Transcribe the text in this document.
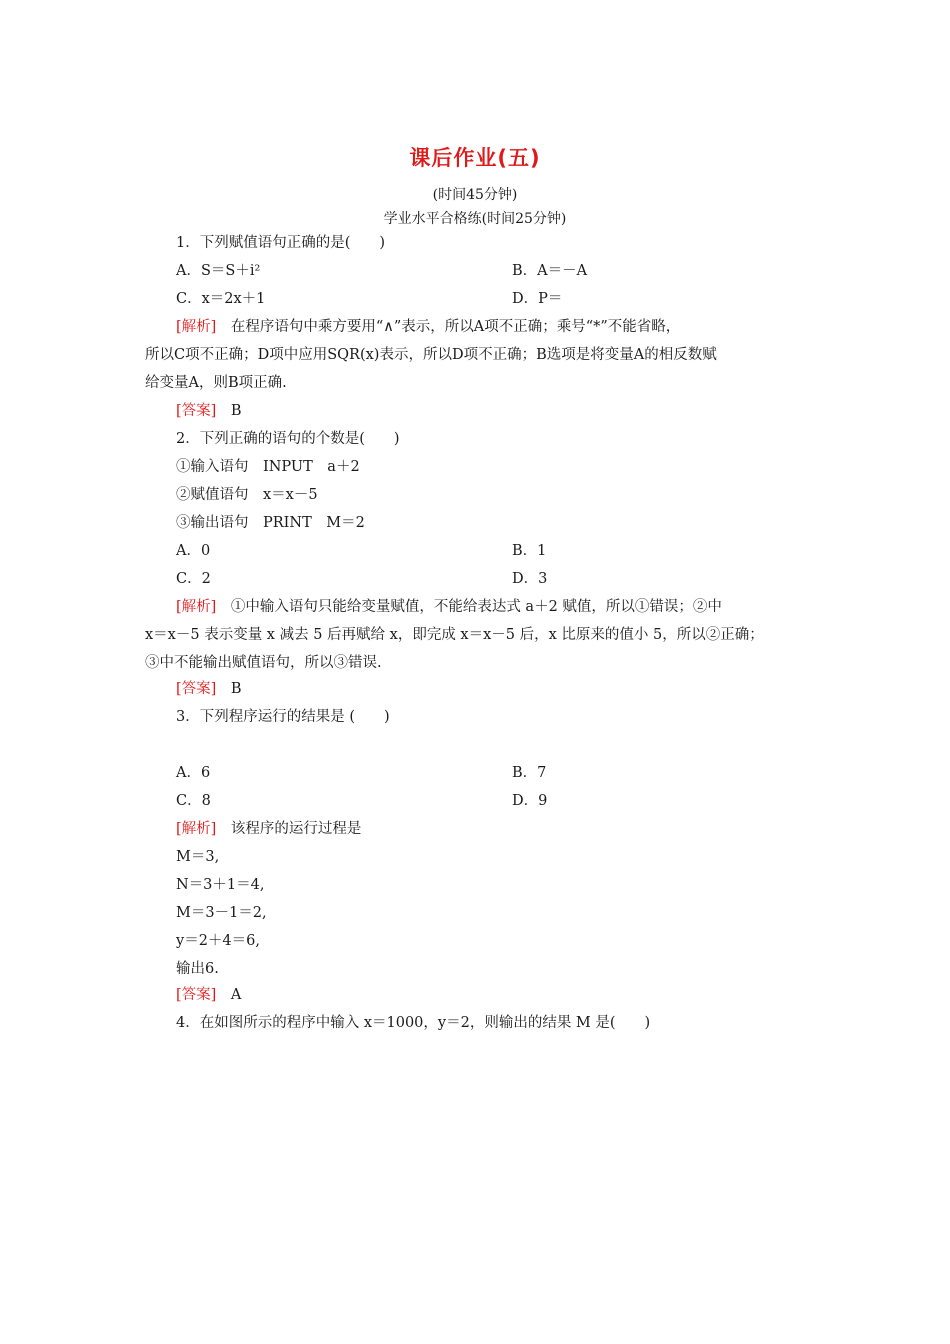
课后作业(五)
(时间45分钟)
学业水平合格练(时间25分钟)
1．下列赋值语句正确的是(　　)
A．S＝S＋i²	B．A＝－A
C．x＝2x＋1	D．P＝
[解析]　在程序语句中乘方要用“∧”表示，所以A项不正确；乘号“*”不能省略，
所以C项不正确；D项中应用SQR(x)表示，所以D项不正确；B选项是将变量A的相反数赋
给变量A，则B项正确.
[答案]　B
2．下列正确的语句的个数是(　　)
①输入语句　INPUT　a＋2
②赋值语句　x＝x－5
③输出语句　PRINT　M＝2
A．0	B．1
C．2	D．3
[解析]　①中输入语句只能给变量赋值，不能给表达式 a＋2 赋值，所以①错误；②中
x＝x－5 表示变量 x 减去 5 后再赋给 x，即完成 x＝x－5 后，x 比原来的值小 5，所以②正确；
③中不能输出赋值语句，所以③错误.
[答案]　B
3．下列程序运行的结果是 (　　)
A．6	B．7
C．8	D．9
[解析]　该程序的运行过程是
M＝3,
N＝3＋1＝4,
M＝3－1＝2,
y＝2＋4＝6,
输出6.
[答案]　A
4．在如图所示的程序中输入 x＝1000，y＝2，则输出的结果 M 是(　　)
